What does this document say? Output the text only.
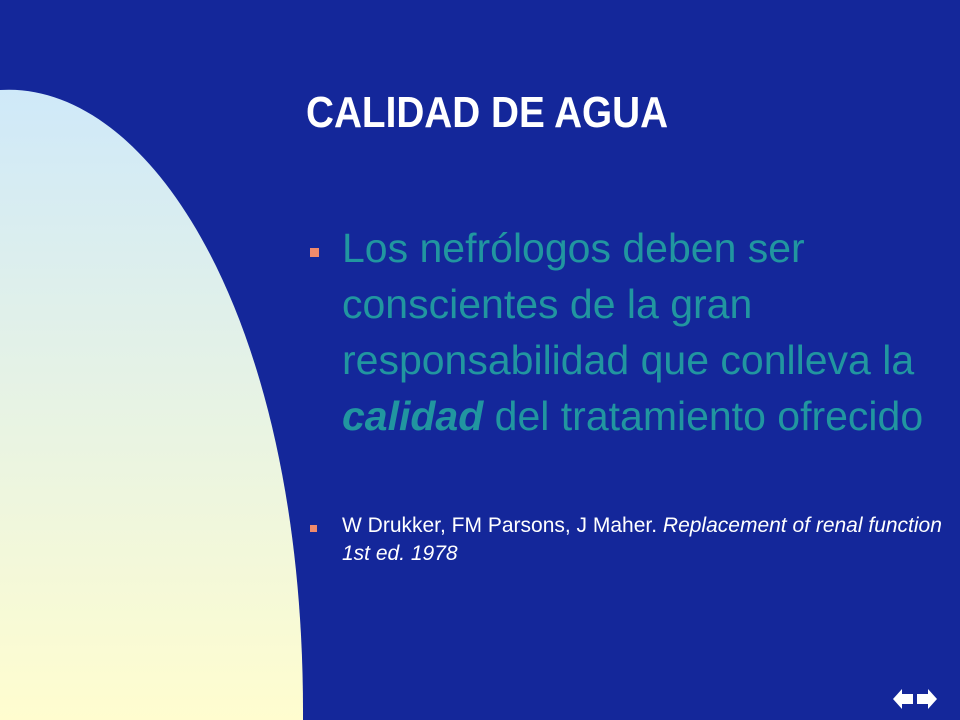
CALIDAD DE AGUA
Los nefrólogos deben ser conscientes de la gran responsabilidad que conlleva la calidad del tratamiento ofrecido
W Drukker, FM Parsons, J Maher. Replacement of renal function 1st ed. 1978
